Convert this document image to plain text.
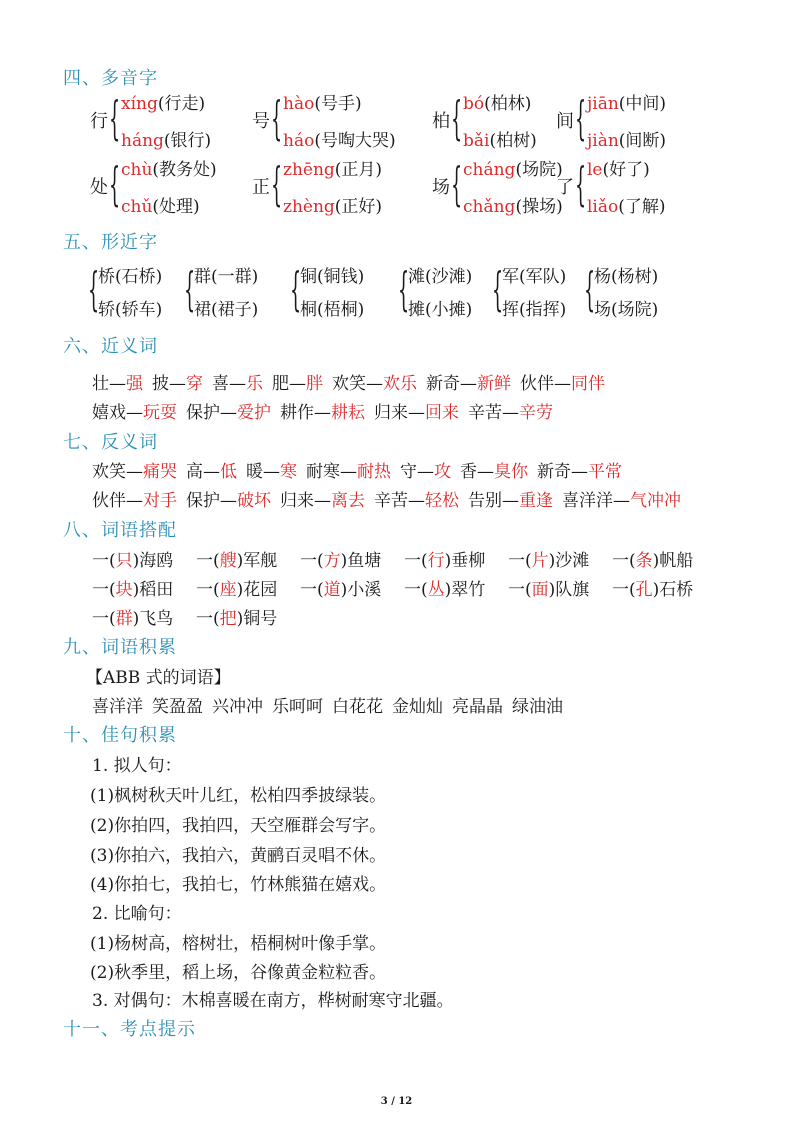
四、多音字
行 { xíng(行走)
háng(银行)
号 { hào(号手)
háo(号啕大哭)
柏 { bó(柏林)
bǎi(柏树)
间 { jiān(中间)
jiàn(间断)
处 { chù(教务处)
chǔ(处理)
正 { zhēng(正月)
zhèng(正好)
场 { cháng(场院)
chǎng(操场)
了 { le(好了)
liǎo(了解)
五、形近字
{
桥(石桥)
轿(轿车) {
群(一群)
裙(裙子) {
铜(铜钱)
桐(梧桐) {
滩(沙滩)
摊(小摊) {
军(军队)
挥(指挥) {
杨(杨树)
场(场院)
六、近义词
壮—强 披—穿 喜—乐 肥—胖 欢笑—欢乐 新奇—新鲜 伙伴—同伴
嬉戏—玩耍 保护—爱护 耕作—耕耘 归来—回来 辛苦—辛劳
七、反义词
欢笑—痛哭 高—低 暖—寒 耐寒—耐热 守—攻 香—臭你 新奇—平常
伙伴—对手 保护—破坏 归来—离去 辛苦—轻松 告别—重逢 喜洋洋—气冲冲
八、词语搭配
一(只)海鸥 一(艘)军舰 一(方)鱼塘 一(行)垂柳 一(片)沙滩 一(条)帆船
一(块)稻田 一(座)花园 一(道)小溪 一(丛)翠竹 一(面)队旗 一(孔)石桥
一(群)飞鸟 一(把)铜号
九、词语积累
【ABB 式的词语】
喜洋洋 笑盈盈 兴冲冲 乐呵呵 白花花 金灿灿 亮晶晶 绿油油
十、佳句积累
1. 拟人句：
(1)枫树秋天叶儿红，松柏四季披绿装。
(2)你拍四，我拍四，天空雁群会写字。
(3)你拍六，我拍六，黄鹂百灵唱不休。
(4)你拍七，我拍七，竹林熊猫在嬉戏。
2. 比喻句：
(1)杨树高，榕树壮，梧桐树叶像手掌。
(2)秋季里，稻上场，谷像黄金粒粒香。
3. 对偶句：木棉喜暖在南方，桦树耐寒守北疆。
十一、考点提示
3 / 12
